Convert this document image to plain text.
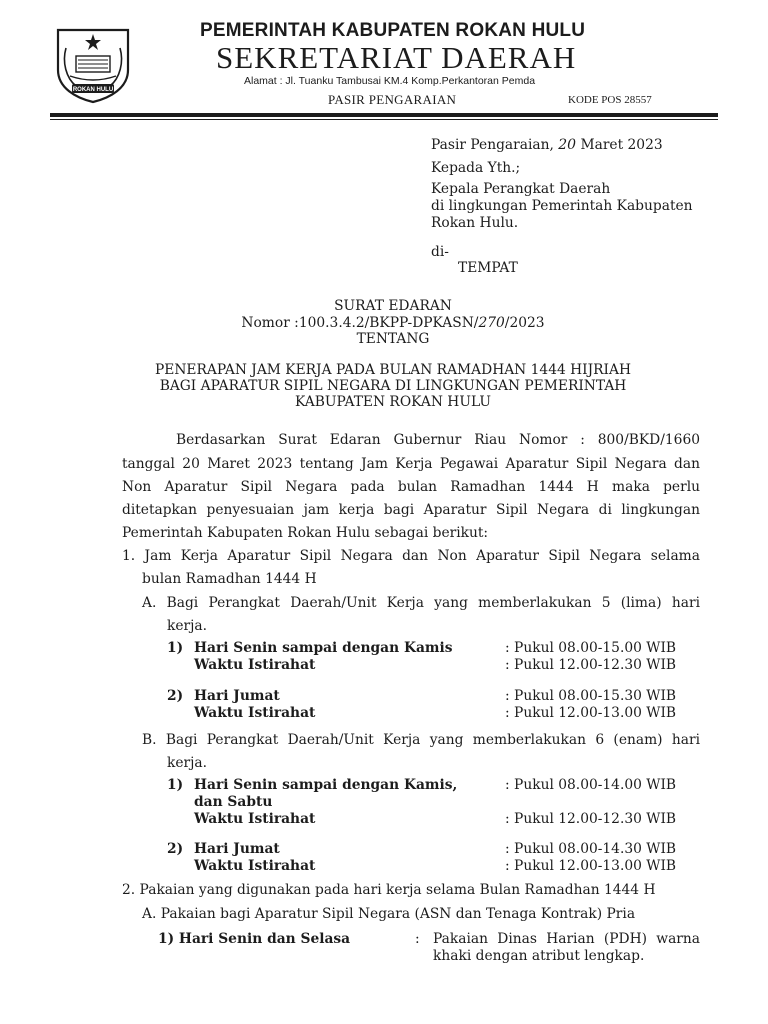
ROKAN HULU
PEMERINTAH KABUPATEN ROKAN HULU
SEKRETARIAT DAERAH
Alamat : Jl. Tuanku Tambusai KM.4 Komp.Perkantoran Pemda
PASIR PENGARAIAN	KODE POS 28557
Pasir Pengaraian, 20 Maret 2023
Kepada Yth.;
Kepala Perangkat Daerah
di lingkungan Pemerintah Kabupaten
Rokan Hulu.
di-
TEMPAT
SURAT EDARAN
Nomor :100.3.4.2/BKPP-DPKASN/270/2023
TENTANG
PENERAPAN JAM KERJA PADA BULAN RAMADHAN 1444 HIJRIAH
BAGI APARATUR SIPIL NEGARA DI LINGKUNGAN PEMERINTAH
KABUPATEN ROKAN HULU
Berdasarkan Surat Edaran Gubernur Riau Nomor : 800/BKD/1660
tanggal 20 Maret 2023 tentang Jam Kerja Pegawai Aparatur Sipil Negara dan
Non Aparatur Sipil Negara pada bulan Ramadhan 1444 H maka perlu
ditetapkan penyesuaian jam kerja bagi Aparatur Sipil Negara di lingkungan
Pemerintah Kabupaten Rokan Hulu sebagai berikut:
1. Jam Kerja Aparatur Sipil Negara dan Non Aparatur Sipil Negara selama
bulan Ramadhan 1444 H
A. Bagi Perangkat Daerah/Unit Kerja yang memberlakukan 5 (lima) hari
kerja.
1) Hari Senin sampai dengan Kamis	: Pukul 08.00-15.00 WIB
Waktu Istirahat	: Pukul 12.00-12.30 WIB
2) Hari Jumat	: Pukul 08.00-15.30 WIB
Waktu Istirahat	: Pukul 12.00-13.00 WIB
B. Bagi Perangkat Daerah/Unit Kerja yang memberlakukan 6 (enam) hari
kerja.
1) Hari Senin sampai dengan Kamis,	: Pukul 08.00-14.00 WIB
dan Sabtu
Waktu Istirahat	: Pukul 12.00-12.30 WIB
2) Hari Jumat	: Pukul 08.00-14.30 WIB
Waktu Istirahat	: Pukul 12.00-13.00 WIB
2. Pakaian yang digunakan pada hari kerja selama Bulan Ramadhan 1444 H
A. Pakaian bagi Aparatur Sipil Negara (ASN dan Tenaga Kontrak) Pria
1) Hari Senin dan Selasa	: Pakaian Dinas Harian (PDH) warna
khaki dengan atribut lengkap.
